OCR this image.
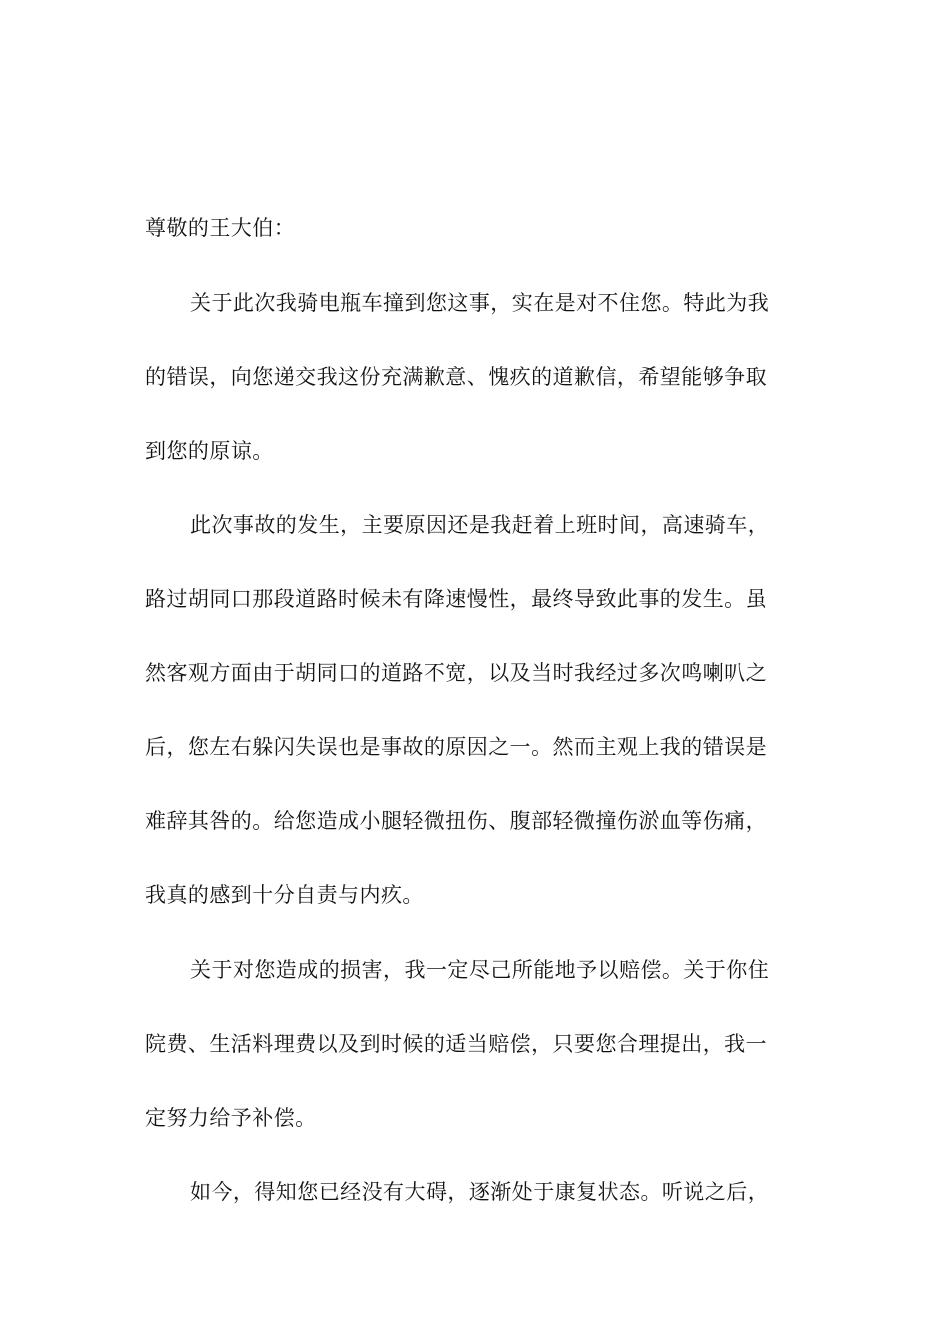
尊敬的王大伯：
关于此次我骑电瓶车撞到您这事，实在是对不住您。特此为我
的错误，向您递交我这份充满歉意、愧疚的道歉信，希望能够争取
到您的原谅。
此次事故的发生，主要原因还是我赶着上班时间，高速骑车，
路过胡同口那段道路时候未有降速慢性，最终导致此事的发生。虽
然客观方面由于胡同口的道路不宽，以及当时我经过多次鸣喇叭之
后，您左右躲闪失误也是事故的原因之一。然而主观上我的错误是
难辞其咎的。给您造成小腿轻微扭伤、腹部轻微撞伤淤血等伤痛，
我真的感到十分自责与内疚。
关于对您造成的损害，我一定尽己所能地予以赔偿。关于你住
院费、生活料理费以及到时候的适当赔偿，只要您合理提出，我一
定努力给予补偿。
如今，得知您已经没有大碍，逐渐处于康复状态。听说之后，
